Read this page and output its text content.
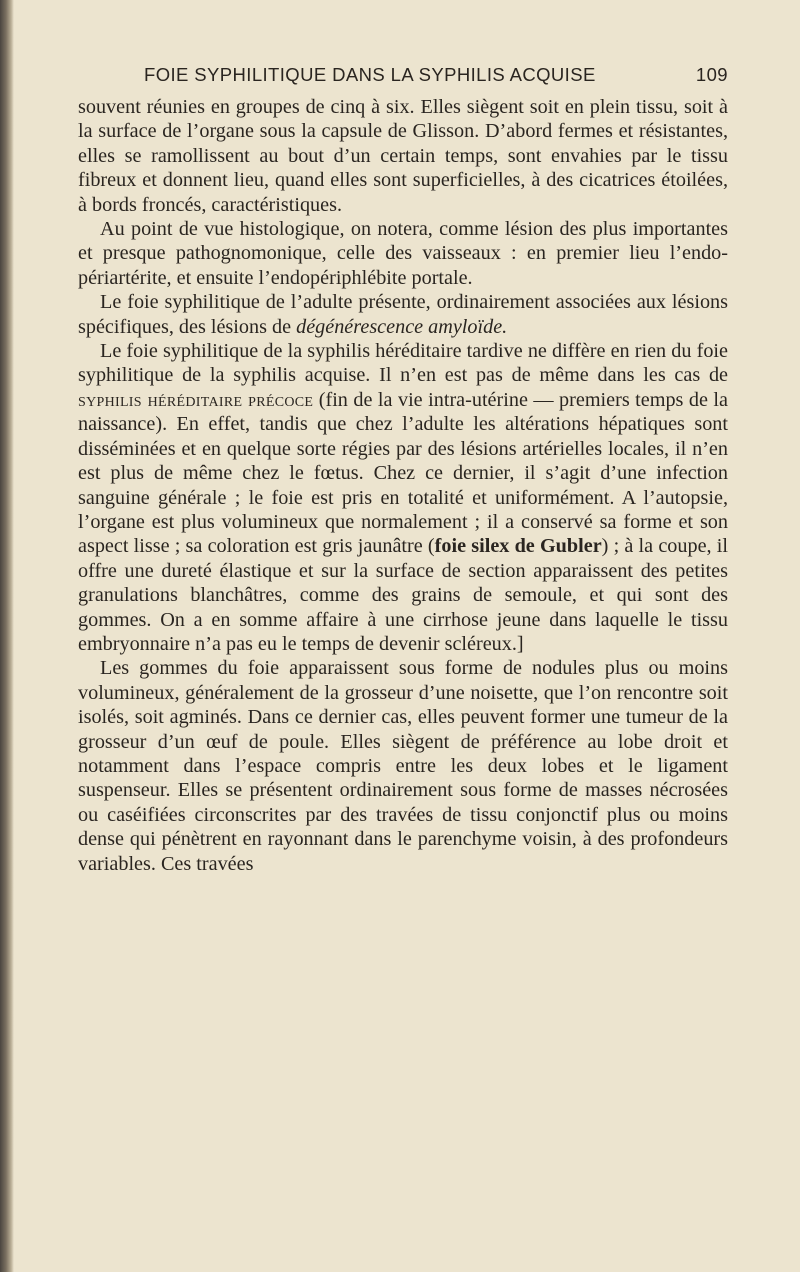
FOIE SYPHILITIQUE DANS LA SYPHILIS ACQUISE	109

souvent réunies en groupes de cinq à six. Elles siègent soit en plein tissu, soit à la surface de l’organe sous la capsule de Glisson. D’abord fermes et résistantes, elles se ramollissent au bout d’un certain temps, sont envahies par le tissu fibreux et donnent lieu, quand elles sont superficielles, à des cicatrices étoilées, à bords froncés, caractéristiques.

Au point de vue histologique, on notera, comme lésion des plus importantes et presque pathognomonique, celle des vaisseaux : en premier lieu l’endo-périartérite, et ensuite l’endopériphlébite portale.

Le foie syphilitique de l’adulte présente, ordinairement associées aux lésions spécifiques, des lésions de dégénérescence amyloïde.

Le foie syphilitique de la syphilis héréditaire tardive ne diffère en rien du foie syphilitique de la syphilis acquise. Il n’en est pas de même dans les cas de syphilis héréditaire précoce (fin de la vie intra-utérine — premiers temps de la naissance). En effet, tandis que chez l’adulte les altérations hépatiques sont disséminées et en quelque sorte régies par des lésions artérielles locales, il n’en est plus de même chez le fœtus. Chez ce dernier, il s’agit d’une infection sanguine générale ; le foie est pris en totalité et uniformément. A l’autopsie, l’organe est plus volumineux que normalement ; il a conservé sa forme et son aspect lisse ; sa coloration est gris jaunâtre (foie silex de Gubler) ; à la coupe, il offre une dureté élastique et sur la surface de section apparaissent des petites granulations blanchâtres, comme des grains de semoule, et qui sont des gommes. On a en somme affaire à une cirrhose jeune dans laquelle le tissu embryonnaire n’a pas eu le temps de devenir scléreux.]

Les gommes du foie apparaissent sous forme de nodules plus ou moins volumineux, généralement de la grosseur d’une noisette, que l’on rencontre soit isolés, soit agminés. Dans ce dernier cas, elles peuvent former une tumeur de la grosseur d’un œuf de poule. Elles siègent de préférence au lobe droit et notamment dans l’espace compris entre les deux lobes et le ligament suspenseur. Elles se présentent ordinairement sous forme de masses nécrosées ou caséifiées circonscrites par des travées de tissu conjonctif plus ou moins dense qui pénètrent en rayonnant dans le parenchyme voisin, à des profondeurs variables. Ces travées
